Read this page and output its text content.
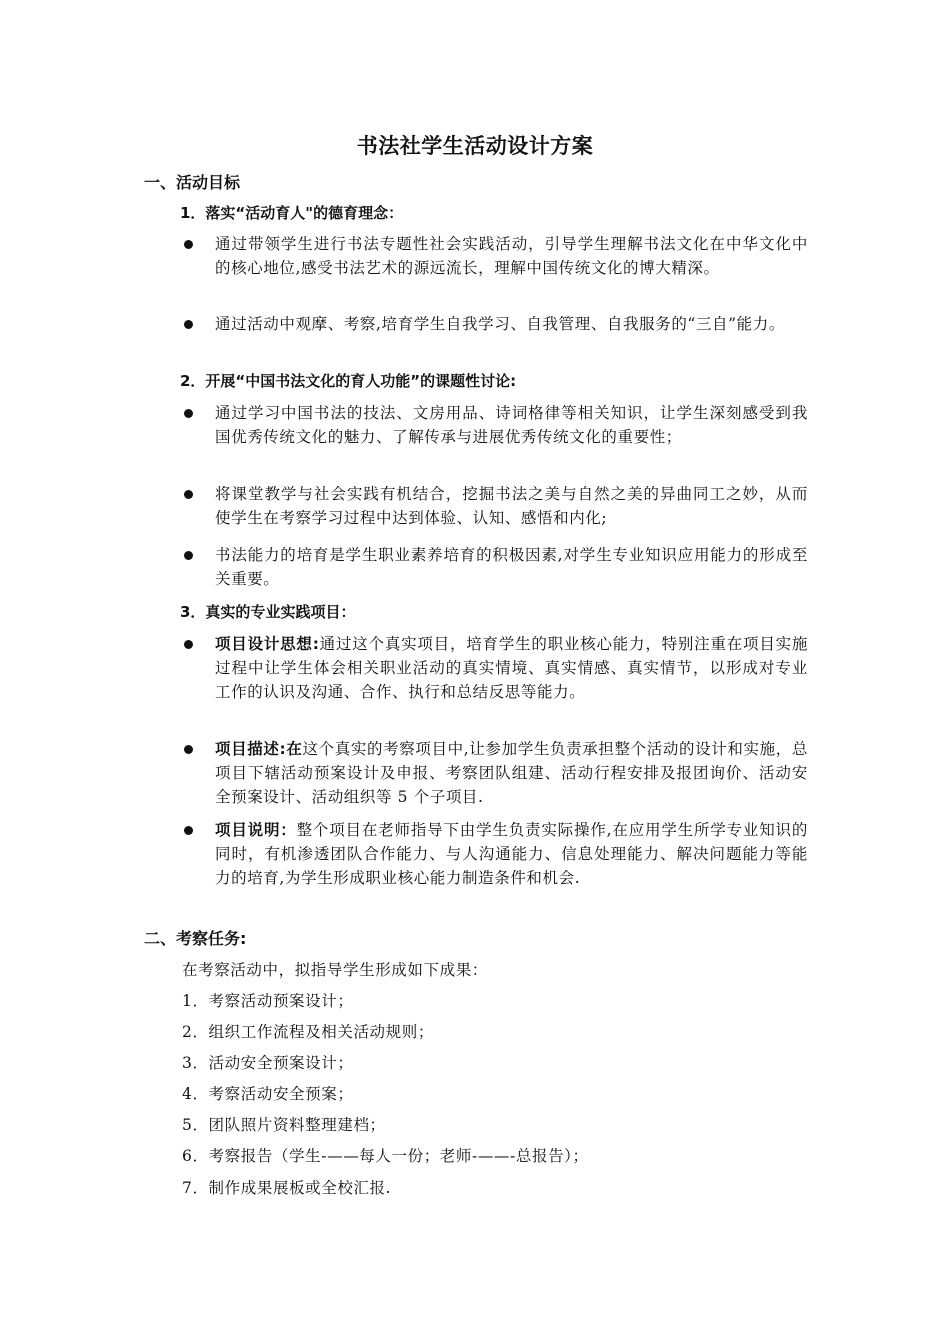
书法社学生活动设计方案
一、活动目标
1．落实“活动育人"的德育理念：
通过带领学生进行书法专题性社会实践活动，引导学生理解书法文化在中华文化中的核心地位,感受书法艺术的源远流长，理解中国传统文化的博大精深。
通过活动中观摩、考察,培育学生自我学习、自我管理、自我服务的“三自”能力。
2．开展“中国书法文化的育人功能”的课题性讨论:
通过学习中国书法的技法、文房用品、诗词格律等相关知识，让学生深刻感受到我国优秀传统文化的魅力、了解传承与进展优秀传统文化的重要性；
将课堂教学与社会实践有机结合，挖掘书法之美与自然之美的异曲同工之妙，从而使学生在考察学习过程中达到体验、认知、感悟和内化;
书法能力的培育是学生职业素养培育的积极因素,对学生专业知识应用能力的形成至关重要。
3．真实的专业实践项目：
项目设计思想:通过这个真实项目，培育学生的职业核心能力，特别注重在项目实施过程中让学生体会相关职业活动的真实情境、真实情感、真实情节，以形成对专业工作的认识及沟通、合作、执行和总结反思等能力。
项目描述:在这个真实的考察项目中,让参加学生负责承担整个活动的设计和实施，总项目下辖活动预案设计及申报、考察团队组建、活动行程安排及报团询价、活动安全预案设计、活动组织等 5 个子项目.
项目说明：整个项目在老师指导下由学生负责实际操作,在应用学生所学专业知识的同时，有机渗透团队合作能力、与人沟通能力、信息处理能力、解决问题能力等能力的培育,为学生形成职业核心能力制造条件和机会.
二、考察任务:
在考察活动中，拟指导学生形成如下成果：
1．考察活动预案设计；
2．组织工作流程及相关活动规则；
3．活动安全预案设计；
4．考察活动安全预案；
5．团队照片资料整理建档；
6．考察报告（学生-——每人一份；老师-——-总报告）；
7．制作成果展板或全校汇报.
